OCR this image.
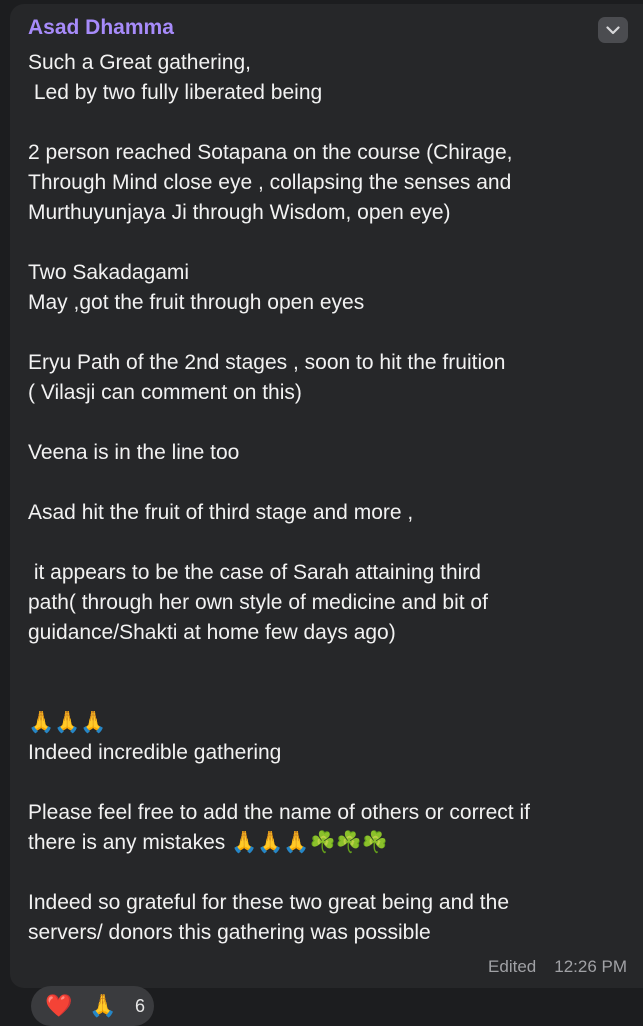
Asad Dhamma
Such a Great gathering,
Led by two fully liberated being
2 person reached Sotapana on the course (Chirage,
Through Mind close eye , collapsing the senses and
Murthuyunjaya Ji through Wisdom, open eye)
Two Sakadagami
May ,got the fruit through open eyes
Eryu Path of the 2nd stages , soon to hit the fruition
( Vilasji can comment on this)
Veena is in the line too
Asad hit the fruit of third stage and more ,
it appears to be the case of Sarah attaining third
path( through her own style of medicine and bit of
guidance/Shakti at home few days ago)
🙏🙏🙏
Indeed incredible gathering
Please feel free to add the name of others or correct if
there is any mistakes 🙏🙏🙏☘️☘️☘️
Indeed so grateful for these two great being and the
servers/ donors this gathering was possible
Edited 12:26 PM
❤️ 🙏	6
